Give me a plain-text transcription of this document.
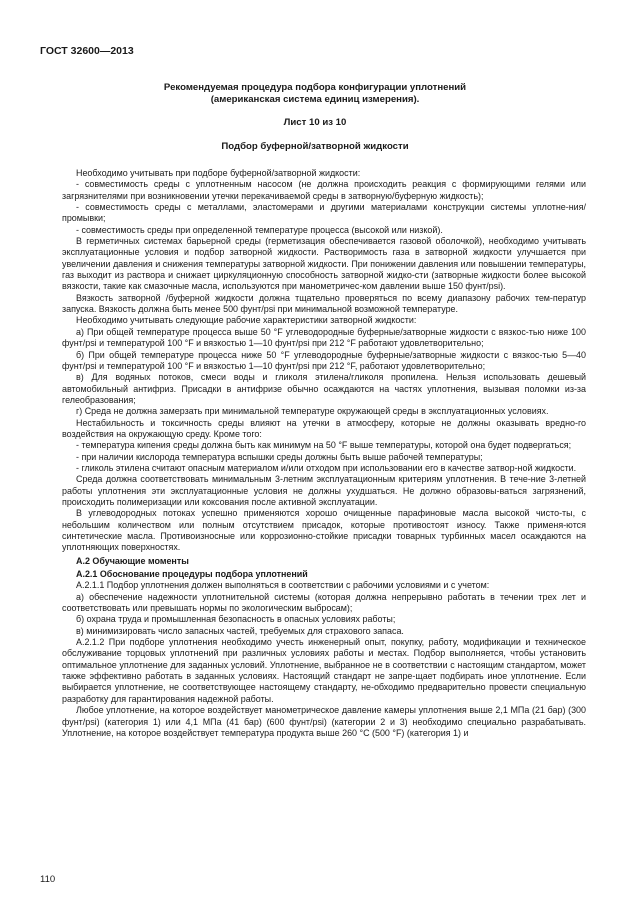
ГОСТ 32600—2013
Рекомендуемая процедура подбора конфигурации уплотнений
(американская система единиц измерения).
Лист 10 из 10
Подбор буферной/затворной жидкости

Необходимо учитывать при подборе буферной/затворной жидкости:

- совместимость среды с уплотненным насосом (не должна происходить реакция с формирующими гелями или загрязнителями при возникновении утечки перекачиваемой среды в затворную/буферную жидкость);

- совместимость среды с металлами, эластомерами и другими материалами конструкции системы уплотне-ния/промывки;

- совместимость среды при определенной температуре процесса (высокой или низкой).

В герметичных системах барьерной среды (герметизация обеспечивается газовой оболочкой), необходимо учитывать эксплуатационные условия и подбор затворной жидкости. Растворимость газа в затворной жидкости улучшается при увеличении давления и снижения температуры затворной жидкости. При понижении давления или повышении температуры, газ выходит из раствора и снижает циркуляционную способность затворной жидко-сти (затворные жидкости более высокой вязкости, такие как смазочные масла, используются при манометричес-ком давлении выше 150 фунт/psi).

Вязкость затворной /буферной жидкости должна тщательно проверяться по всему диапазону рабочих тем-ператур запуска. Вязкость должна быть менее 500 фунт/psi при минимальной возможной температуре.

Необходимо учитывать следующие рабочие характеристики затворной жидкости:

а) При общей температуре процесса выше 50 °F углеводородные буферные/затворные жидкости с вязкос-тью ниже 100 фунт/psi и температурой 100 °F и вязкостью 1—10 фунт/psi при 212 °F работают удовлетворительно;

б) При общей температуре процесса ниже 50 °F углеводородные буферные/затворные жидкости с вязкос-тью 5—40 фунт/psi и температурой 100 °F и вязкостью 1—10 фунт/psi при 212 °F, работают удовлетворительно;

в) Для водяных потоков, смеси воды и гликоля этилена/гликоля пропилена. Нельзя использовать дешевый автомобильный антифриз. Присадки в антифризе обычно осаждаются на частях уплотнения, вызывая поломки из-за гелеобразования;

г) Среда не должна замерзать при минимальной температуре окружающей среды в эксплуатационных условиях.

Нестабильность и токсичность среды влияют на утечки в атмосферу, которые не должны оказывать вредно-го воздействия на окружающую среду. Кроме того:

- температура кипения среды должна быть как минимум на 50 °F выше температуры, которой она будет подвергаться;

- при наличии кислорода температура вспышки среды должны быть выше рабочей температуры;

- гликоль этилена считают опасным материалом и/или отходом при использовании его в качестве затвор-ной жидкости.

Среда должна соответствовать минимальным 3-летним эксплуатационным критериям уплотнения. В тече-ние 3-летней работы уплотнения эти эксплуатационные условия не должны ухудшаться. Не должно образовы-ваться загрязнений, происходить полимеризации или коксования после активной эксплуатации.

В углеводородных потоках успешно применяются хорошо очищенные парафиновые масла высокой чисто-ты, с небольшим количеством или полным отсутствием присадок, которые противостоят износу. Также применя-ются синтетические масла. Противоизносные или коррозионно-стойкие присадки товарных турбинных масел осаждаются на уплотняющих поверхностях.

А.2 Обучающие моменты

А.2.1 Обоснование процедуры подбора уплотнений

А.2.1.1 Подбор уплотнения должен выполняться в соответствии с рабочими условиями и с учетом:

а) обеспечение надежности уплотнительной системы (которая должна непрерывно работать в течении трех лет и соответствовать или превышать нормы по экологическим выбросам);

б) охрана труда и промышленная безопасность в опасных условиях работы;

в) минимизировать число запасных частей, требуемых для страхового запаса.

А.2.1.2 При подборе уплотнения необходимо учесть инженерный опыт, покупку, работу, модификации и техническое обслуживание торцовых уплотнений при различных условиях работы и местах. Подбор выполняется, чтобы установить оптимальное уплотнение для заданных условий. Уплотнение, выбранное не в соответствии с настоящим стандартом, может также эффективно работать в заданных условиях. Настоящий стандарт не запре-щает подбирать иное уплотнение. Если выбирается уплотнение, не соответствующее настоящему стандарту, не-обходимо предварительно провести специальную разработку для гарантирования надежной работы.

Любое уплотнение, на которое воздействует манометрическое давление камеры уплотнения выше 2,1 МПа (21 бар) (300 фунт/psi) (категория 1) или 4,1 МПа (41 бар) (600 фунт/psi) (категории 2 и 3) необходимо специально разрабатывать. Уплотнение, на которое воздействует температура продукта выше 260 °С (500 °F) (категория 1) и

110
